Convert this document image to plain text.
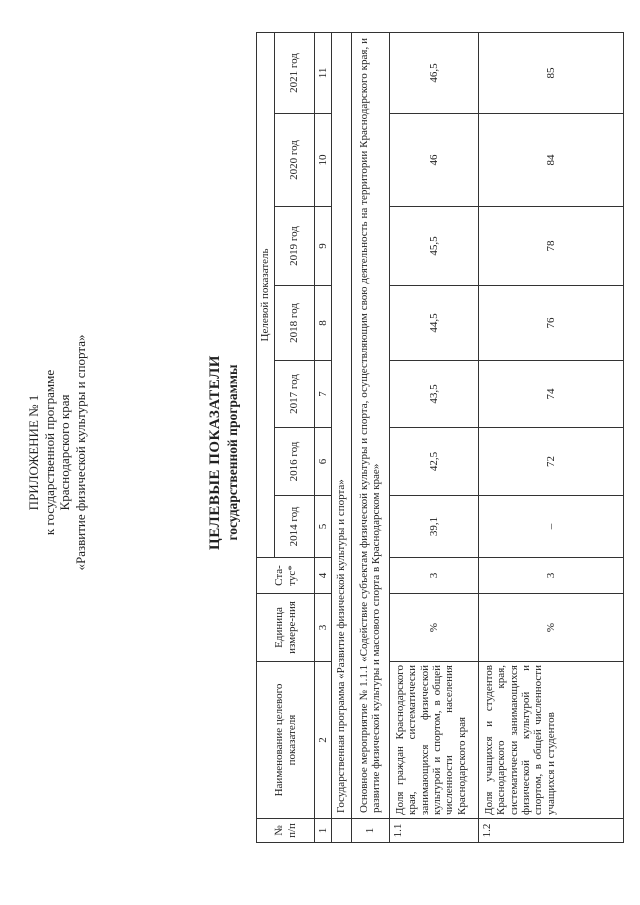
ПРИЛОЖЕНИЕ № 1 к государственной программе Краснодарского края «Развитие физической культуры и спорта»	ЦЕЛЕВЫЕ ПОКАЗАТЕЛИ государственной программы
№ п/п	Наименование целевого показателя	Единица измере-ния	Ста-тус*	Целевой показатель						
				2014 год	2016 год	2017 год	2018 год	2019 год	2020 год	2021 год
1	2	3	4	5	6	7	8	9	10	11
	Государственная программа «Развитие физической культуры и спорта»									
1	Основное мероприятие № 1.1.1 «Содействие субъектам физической культуры и спорта, осуществляющим свою деятельность на территории Краснодарского края, и развитие физической культуры и массового спорта в Краснодарском крае»									
1.1	Доля граждан Краснодарского края, систематически занимающихся физической культурой и спортом, в общей численности населения Краснодарского края	%	3	39,1	42,5	43,5	44,5	45,5	46	46,5
1.2	Доля учащихся и студентов Краснодарского края, систематически занимающихся физической культурой и спортом, в общей численности учащихся и студентов	%	3	–	72	74	76	78	84	85
